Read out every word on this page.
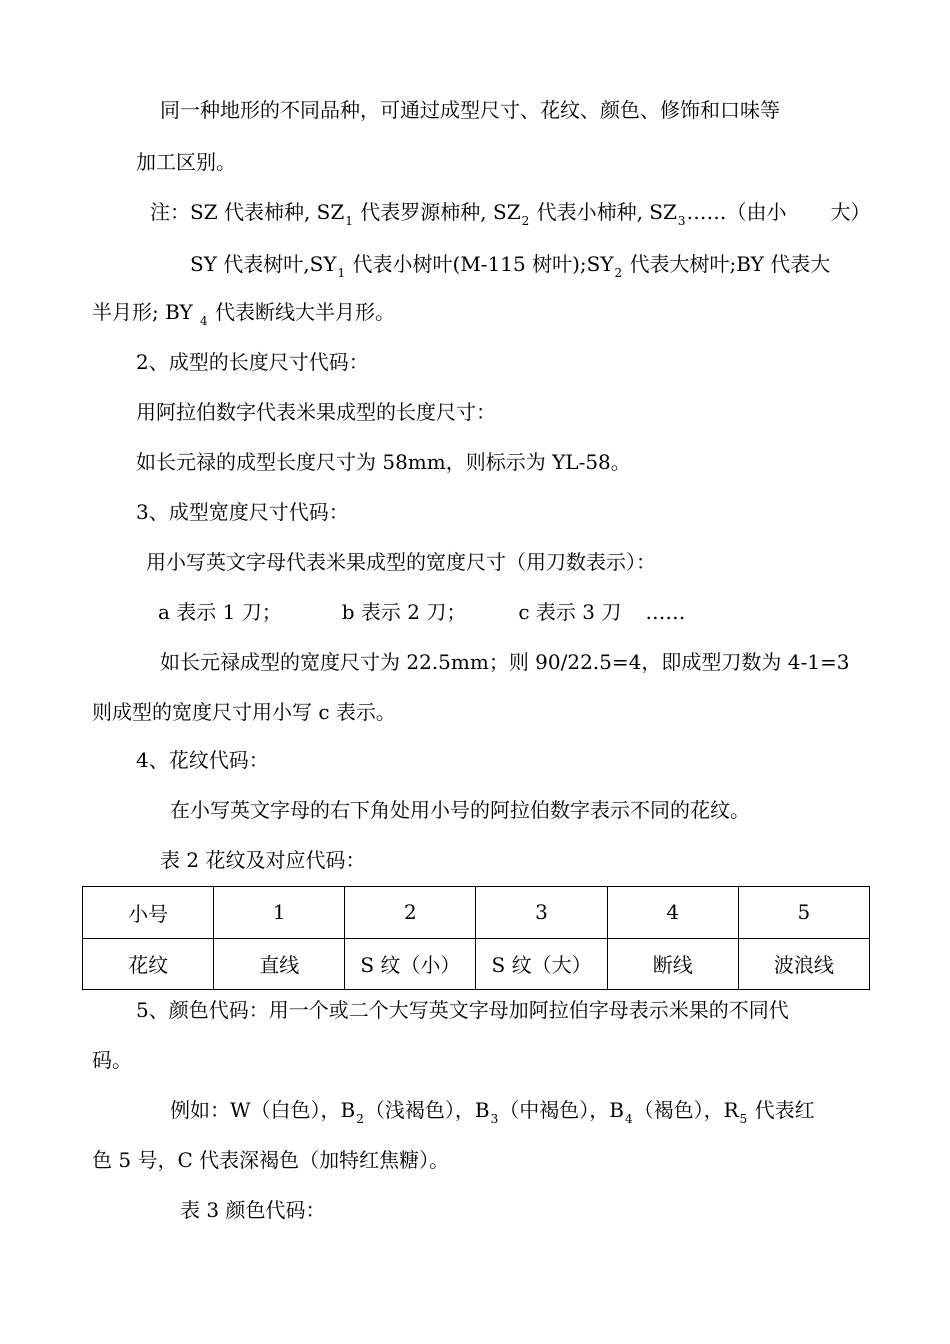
同一种地形的不同品种，可通过成型尺寸、花纹、颜色、修饰和口味等
加工区别。
注：SZ 代表柿种, $SZ_1$ 代表罗源柿种, $SZ_2$ 代表小柿种, $SZ_3\dots\dots$（由小 大）
SY 代表树叶$,SY_1$ 代表小树叶(M-115 树叶)$;SY_2$ 代表大树叶;BY 代表大
半月形; BY $_4$ 代表断线大半月形。
2、成型的长度尺寸代码：
用阿拉伯数字代表米果成型的长度尺寸：
如长元禄的成型长度尺寸为 58mm，则标示为 YL-58。
3、成型宽度尺寸代码：
用小写英文字母代表米果成型的宽度尺寸（用刀数表示）：
a 表示 1 刀；	b 表示 2 刀；	c 表示 3 刀 ……
如长元禄成型的宽度尺寸为 22.5mm；则 90/22.5=4，即成型刀数为 4-1=3
则成型的宽度尺寸用小写 c 表示。
4、花纹代码：
在小写英文字母的右下角处用小号的阿拉伯数字表示不同的花纹。
表 2 花纹及对应代码：
小号	1	2	3	4	5
花纹	直线	S 纹（小）	S 纹（大）	断线	波浪线
5、颜色代码：用一个或二个大写英文字母加阿拉伯字母表示米果的不同代
码。
例如：W（白色），$B_2$（浅褐色），$B_3$（中褐色），$B_4$（褐色），$R_5$ 代表红
色 5 号，C 代表深褐色（加特红焦糖）。
表 3 颜色代码：
